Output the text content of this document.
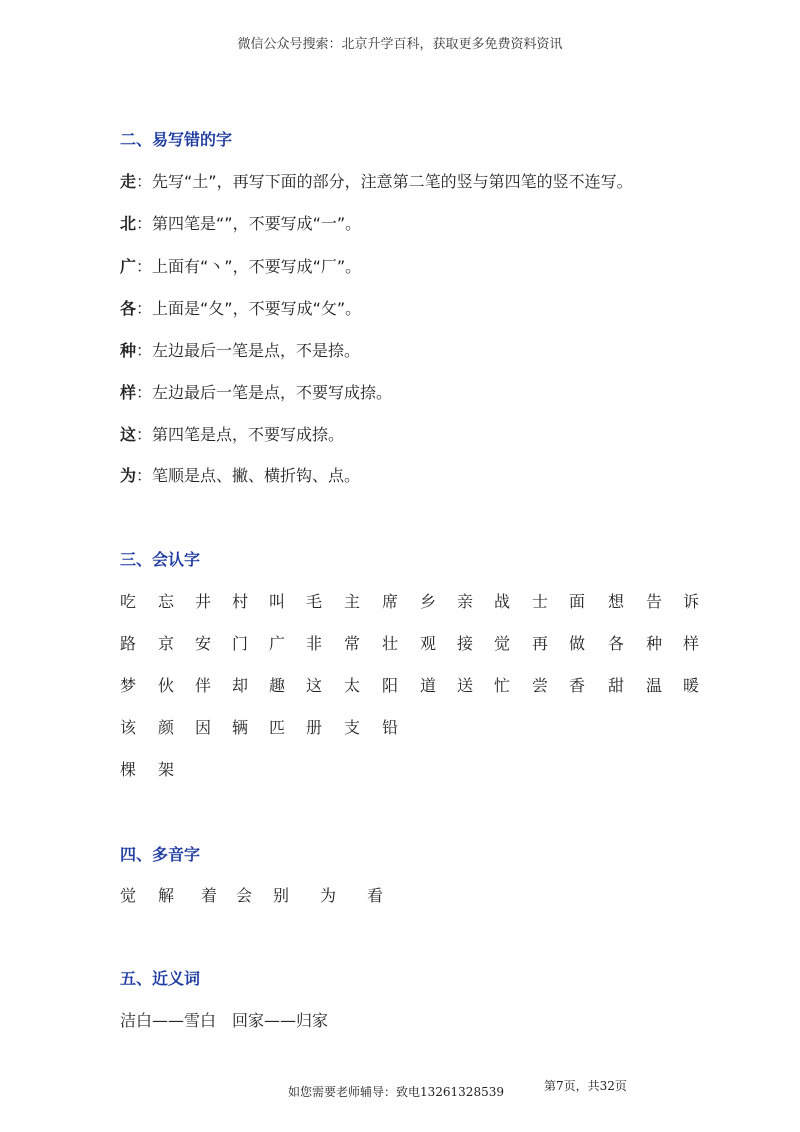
微信公众号搜索：北京升学百科，获取更多免费资料资讯
二、易写错的字
走：先写“土”，再写下面的部分，注意第二笔的竖与第四笔的竖不连写。
北：第四笔是“”，不要写成“一”。
广：上面有“丶”，不要写成“厂”。
各：上面是“夂”，不要写成“攵”。
种：左边最后一笔是点，不是捺。
样：左边最后一笔是点，不要写成捺。
这：第四笔是点，不要写成捺。
为：笔顺是点、撇、横折钩、点。
三、会认字
吃 忘 井 村 叫 毛 主 席 乡 亲 战 士 面 想 告 诉
路 京 安 门 广 非 常 壮 观 接 觉 再 做 各 种 样
梦 伙 伴 却 趣 这 太 阳 道 送 忙 尝 香 甜 温 暖
该 颜 因 辆 匹 册 支 铅
棵 架
四、多音字
觉 解 着 会 别 为 看
五、近义词
洁白——雪白　回家——归家
如您需要老师辅导：致电13261328539	第7页，共32页
